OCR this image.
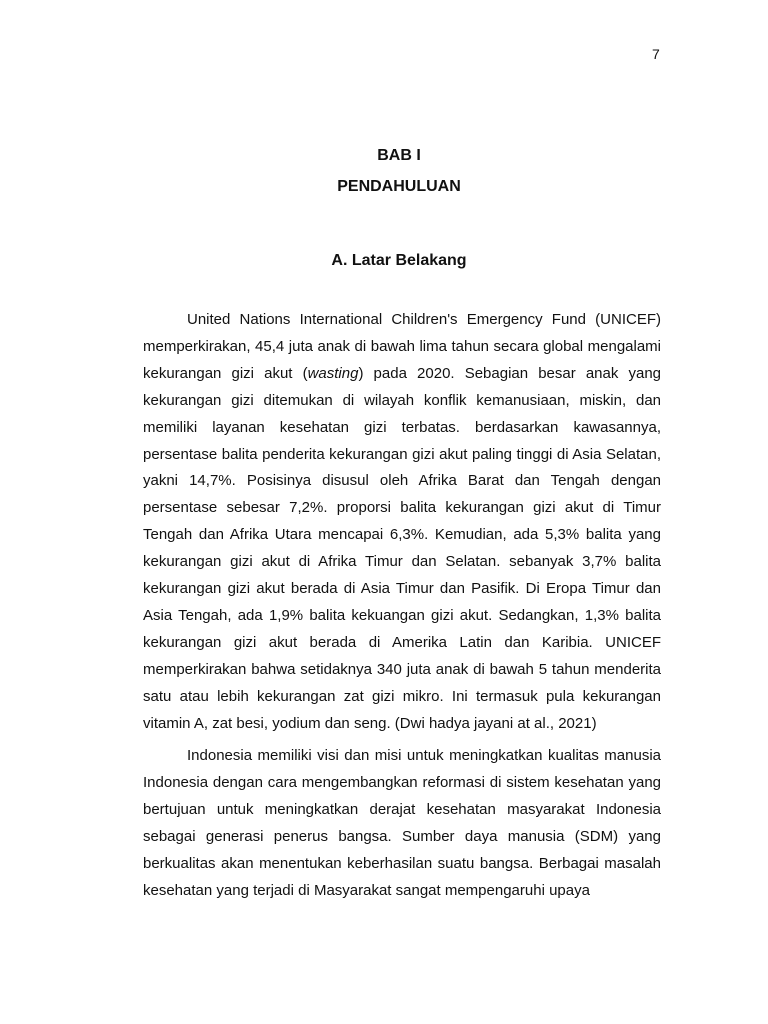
7
BAB I
PENDAHULUAN
A. Latar Belakang

United Nations International Children's Emergency Fund (UNICEF) memperkirakan, 45,4 juta anak di bawah lima tahun secara global mengalami kekurangan gizi akut (wasting) pada 2020. Sebagian besar anak yang kekurangan gizi ditemukan di wilayah konflik kemanusiaan, miskin, dan memiliki layanan kesehatan gizi terbatas. berdasarkan kawasannya, persentase balita penderita kekurangan gizi akut paling tinggi di Asia Selatan, yakni 14,7%. Posisinya disusul oleh Afrika Barat dan Tengah dengan persentase sebesar 7,2%. proporsi balita kekurangan gizi akut di Timur Tengah dan Afrika Utara mencapai 6,3%. Kemudian, ada 5,3% balita yang kekurangan gizi akut di Afrika Timur dan Selatan. sebanyak 3,7% balita kekurangan gizi akut berada di Asia Timur dan Pasifik. Di Eropa Timur dan Asia Tengah, ada 1,9% balita kekuangan gizi akut. Sedangkan, 1,3% balita kekurangan gizi akut berada di Amerika Latin dan Karibia. UNICEF memperkirakan bahwa setidaknya 340 juta anak di bawah 5 tahun menderita satu atau lebih kekurangan zat gizi mikro. Ini termasuk pula kekurangan vitamin A, zat besi, yodium dan seng. (Dwi hadya jayani at al., 2021)

Indonesia memiliki visi dan misi untuk meningkatkan kualitas manusia Indonesia dengan cara mengembangkan reformasi di sistem kesehatan yang bertujuan untuk meningkatkan derajat kesehatan masyarakat Indonesia sebagai generasi penerus bangsa. Sumber daya manusia (SDM) yang berkualitas akan menentukan keberhasilan suatu bangsa. Berbagai masalah kesehatan yang terjadi di Masyarakat sangat mempengaruhi upaya
